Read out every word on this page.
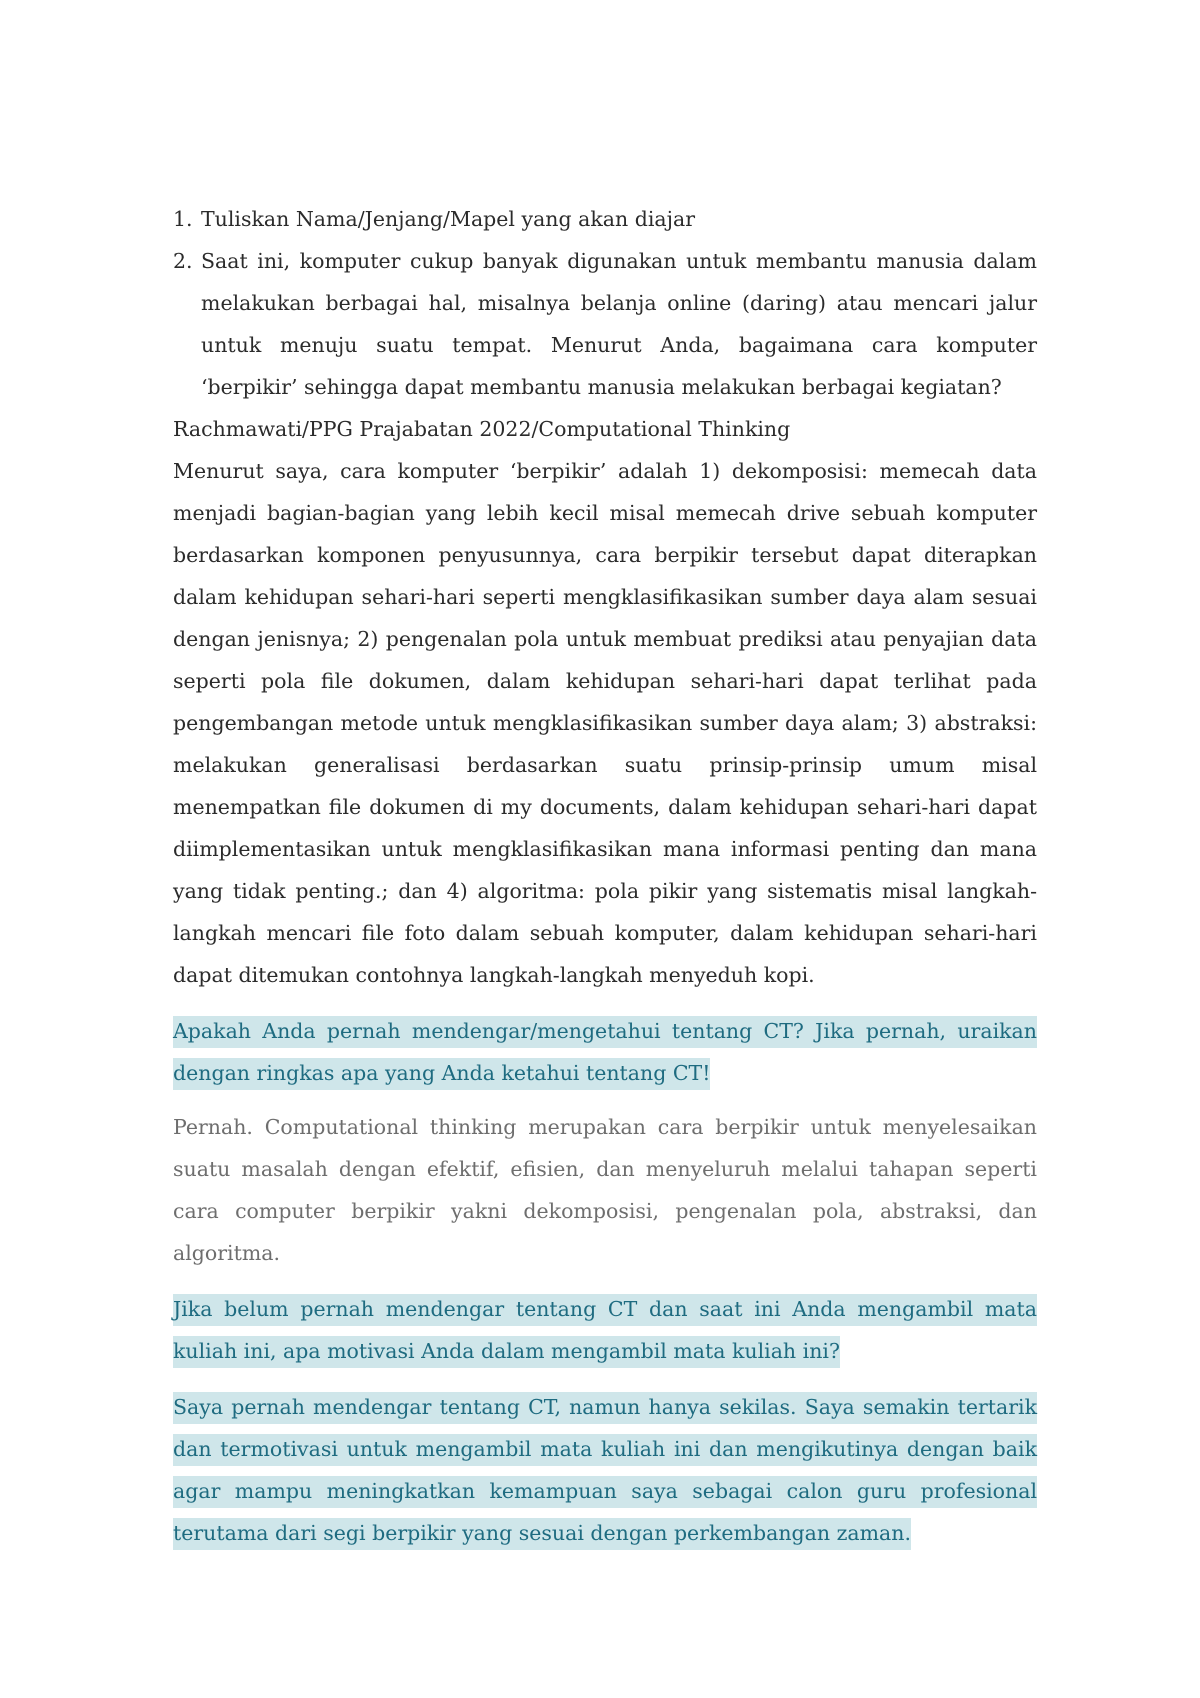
1. Tuliskan Nama/Jenjang/Mapel yang akan diajar
2. Saat ini, komputer cukup banyak digunakan untuk membantu manusia dalam melakukan berbagai hal, misalnya belanja online (daring) atau mencari jalur untuk menuju suatu tempat. Menurut Anda, bagaimana cara komputer ‘berpikir’ sehingga dapat membantu manusia melakukan berbagai kegiatan?

Rachmawati/PPG Prajabatan 2022/Computational Thinking

Menurut saya, cara komputer ‘berpikir’ adalah 1) dekomposisi: memecah data menjadi bagian-bagian yang lebih kecil misal memecah drive sebuah komputer berdasarkan komponen penyusunnya, cara berpikir tersebut dapat diterapkan dalam kehidupan sehari-hari seperti mengklasifikasikan sumber daya alam sesuai dengan jenisnya; 2) pengenalan pola untuk membuat prediksi atau penyajian data seperti pola file dokumen, dalam kehidupan sehari-hari dapat terlihat pada pengembangan metode untuk mengklasifikasikan sumber daya alam; 3) abstraksi: melakukan generalisasi berdasarkan suatu prinsip-prinsip umum misal menempatkan file dokumen di my documents, dalam kehidupan sehari-hari dapat diimplementasikan untuk mengklasifikasikan mana informasi penting dan mana yang tidak penting.; dan 4) algoritma: pola pikir yang sistematis misal langkah-langkah mencari file foto dalam sebuah komputer, dalam kehidupan sehari-hari dapat ditemukan contohnya langkah-langkah menyeduh kopi.

Apakah Anda pernah mendengar/mengetahui tentang CT? Jika pernah, uraikan dengan ringkas apa yang Anda ketahui tentang CT!

Pernah. Computational thinking merupakan cara berpikir untuk menyelesaikan suatu masalah dengan efektif, efisien, dan menyeluruh melalui tahapan seperti cara computer berpikir yakni dekomposisi, pengenalan pola, abstraksi, dan algoritma.

Jika belum pernah mendengar tentang CT dan saat ini Anda mengambil mata kuliah ini, apa motivasi Anda dalam mengambil mata kuliah ini?

Saya pernah mendengar tentang CT, namun hanya sekilas. Saya semakin tertarik dan termotivasi untuk mengambil mata kuliah ini dan mengikutinya dengan baik agar mampu meningkatkan kemampuan saya sebagai calon guru profesional terutama dari segi berpikir yang sesuai dengan perkembangan zaman.
